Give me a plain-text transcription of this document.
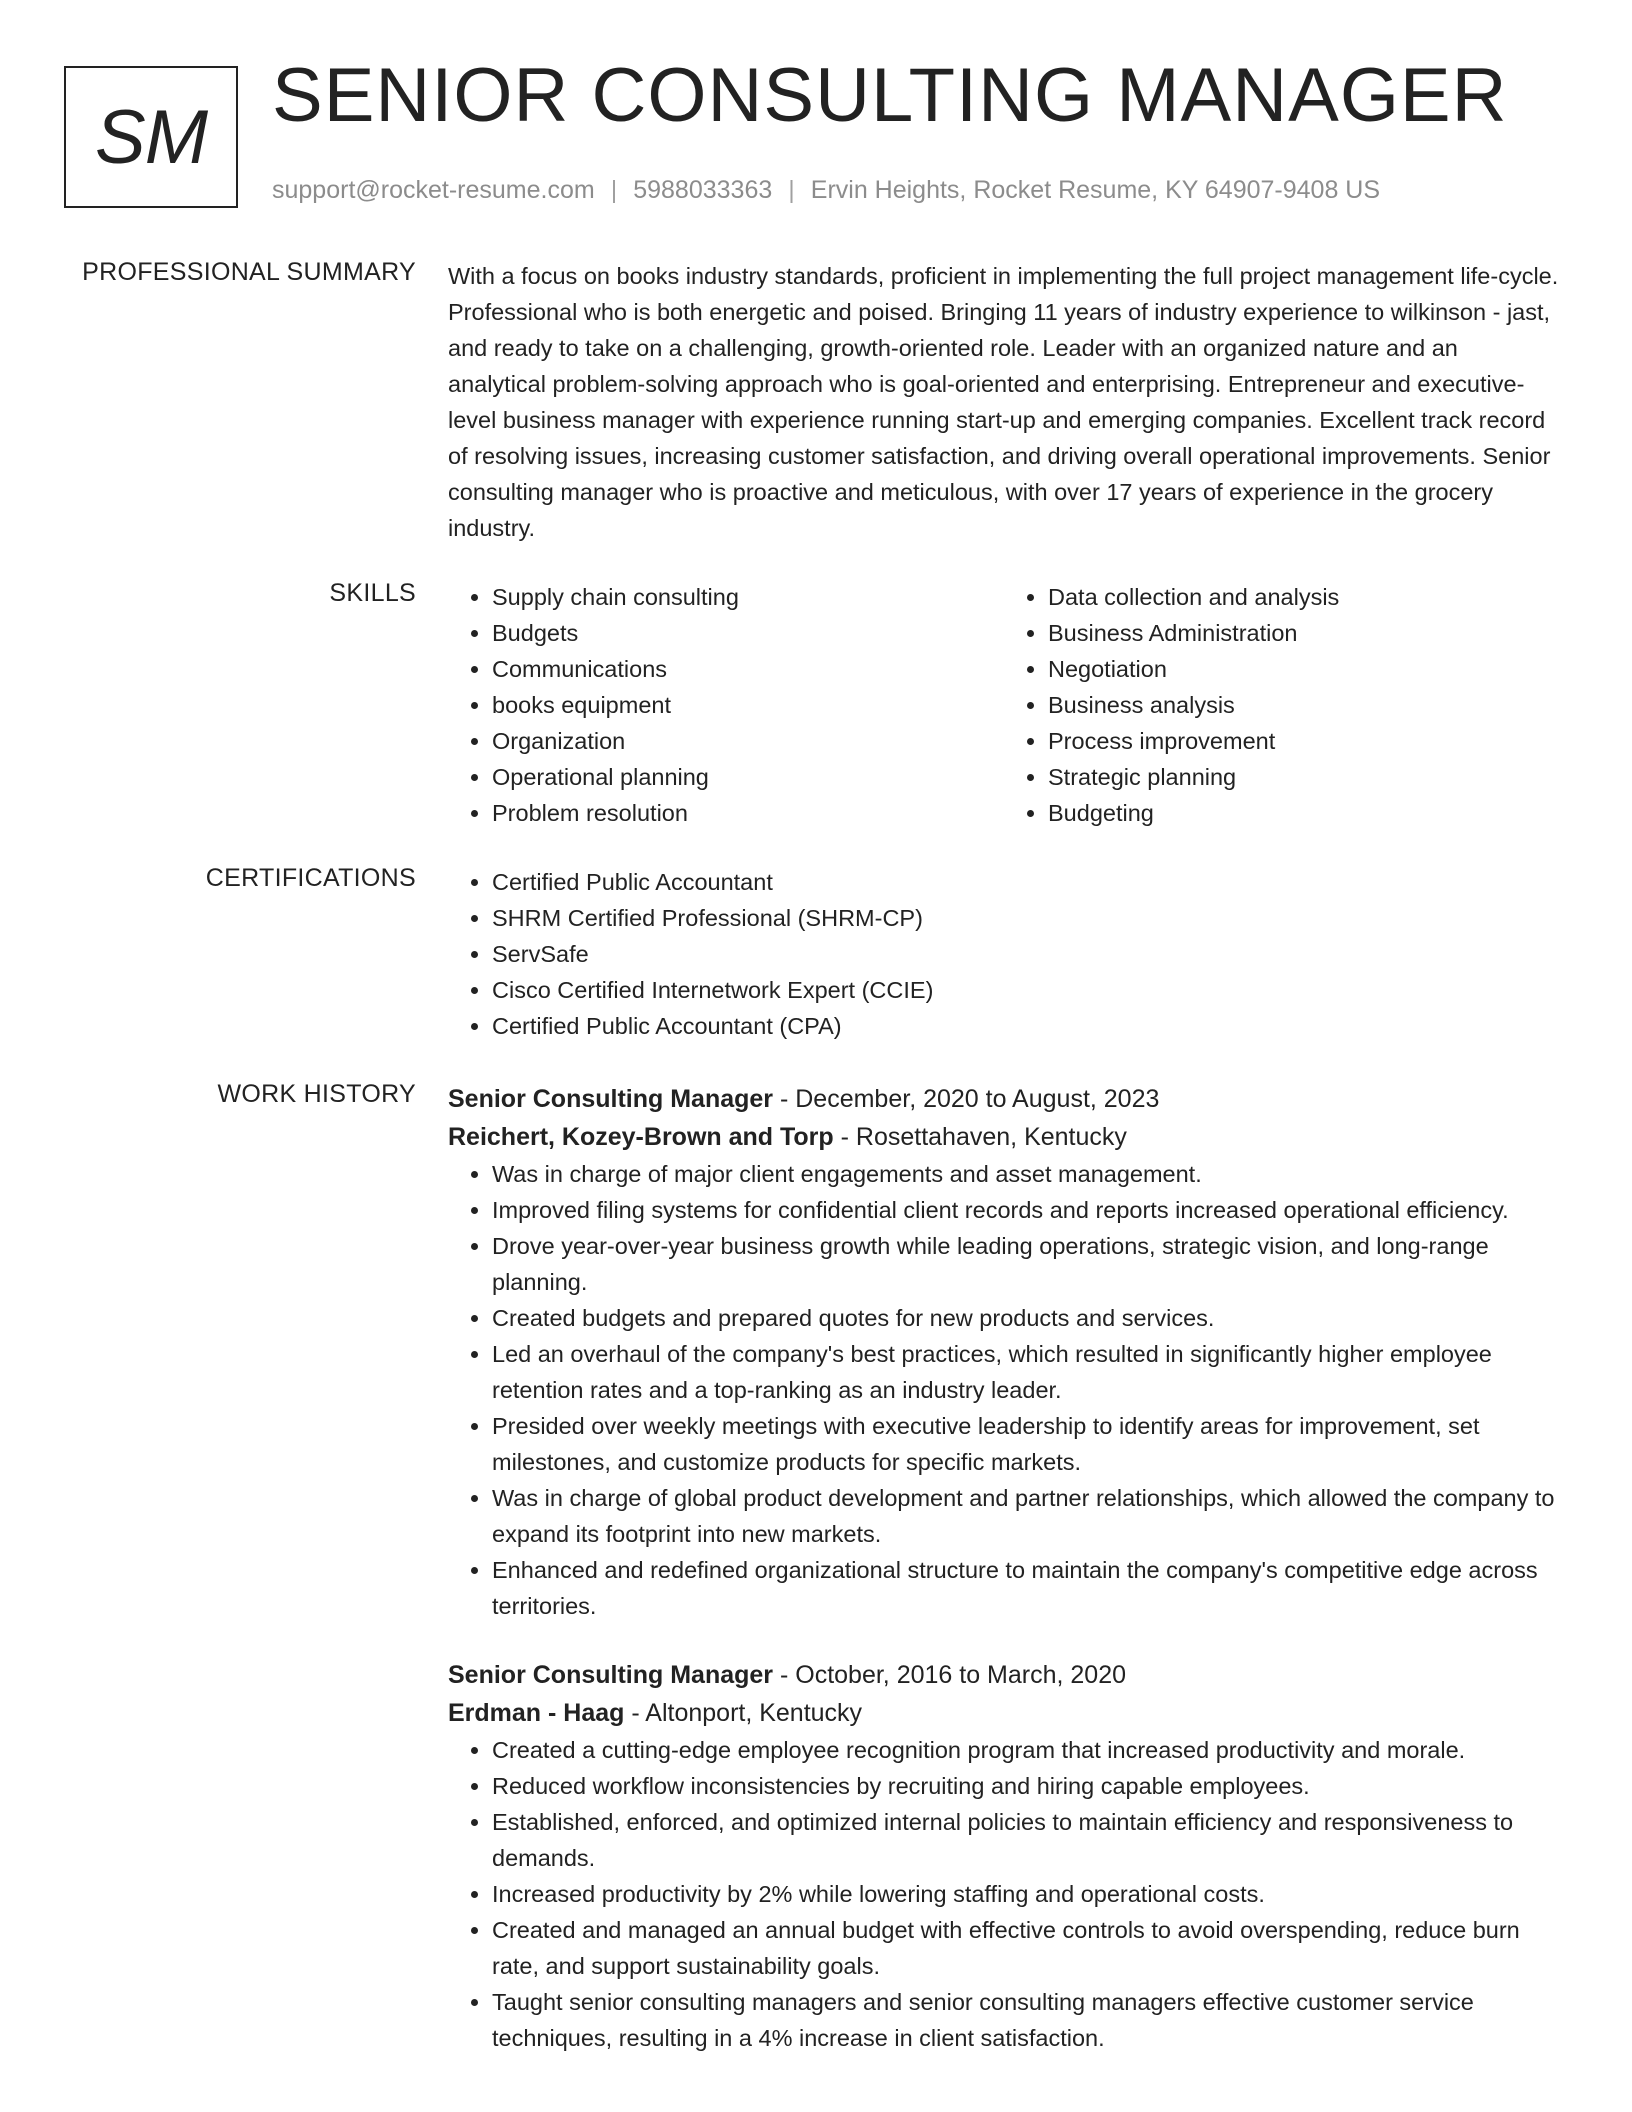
SM SENIOR CONSULTING MANAGER
support@rocket-resume.com | 5988033363 | Ervin Heights, Rocket Resume, KY 64907-9408 US
PROFESSIONAL SUMMARY With a focus on books industry standards, proficient in implementing the full project management life-cycle. Professional who is both energetic and poised. Bringing 11 years of industry experience to wilkinson - jast, and ready to take on a challenging, growth-oriented role. Leader with an organized nature and an analytical problem-solving approach who is goal-oriented and enterprising. Entrepreneur and executive-level business manager with experience running start-up and emerging companies. Excellent track record of resolving issues, increasing customer satisfaction, and driving overall operational improvements. Senior consulting manager who is proactive and meticulous, with over 17 years of experience in the grocery industry.
SKILLS	• Supply chain consulting
• Budgets
• Communications
• books equipment
• Organization
• Operational planning
• Problem resolution
• Data collection and analysis
• Business Administration
• Negotiation
• Business analysis
• Process improvement
• Strategic planning
• Budgeting
CERTIFICATIONS	• Certified Public Accountant
• SHRM Certified Professional (SHRM-CP)
• ServSafe
• Cisco Certified Internetwork Expert (CCIE)
• Certified Public Accountant (CPA)
WORK HISTORY Senior Consulting Manager - December, 2020 to August, 2023
Reichert, Kozey-Brown and Torp - Rosettahaven, Kentucky
• Was in charge of major client engagements and asset management.
• Improved filing systems for confidential client records and reports increased operational efficiency.
• Drove year-over-year business growth while leading operations, strategic vision, and long-range planning.
• Created budgets and prepared quotes for new products and services.
• Led an overhaul of the company's best practices, which resulted in significantly higher employee retention rates and a top-ranking as an industry leader.
• Presided over weekly meetings with executive leadership to identify areas for improvement, set milestones, and customize products for specific markets.
• Was in charge of global product development and partner relationships, which allowed the company to expand its footprint into new markets.
• Enhanced and redefined organizational structure to maintain the company's competitive edge across territories.
Senior Consulting Manager - October, 2016 to March, 2020
Erdman - Haag - Altonport, Kentucky
• Created a cutting-edge employee recognition program that increased productivity and morale.
• Reduced workflow inconsistencies by recruiting and hiring capable employees.
• Established, enforced, and optimized internal policies to maintain efficiency and responsiveness to demands.
• Increased productivity by 2% while lowering staffing and operational costs.
• Created and managed an annual budget with effective controls to avoid overspending, reduce burn rate, and support sustainability goals.
• Taught senior consulting managers and senior consulting managers effective customer service techniques, resulting in a 4% increase in client satisfaction.
